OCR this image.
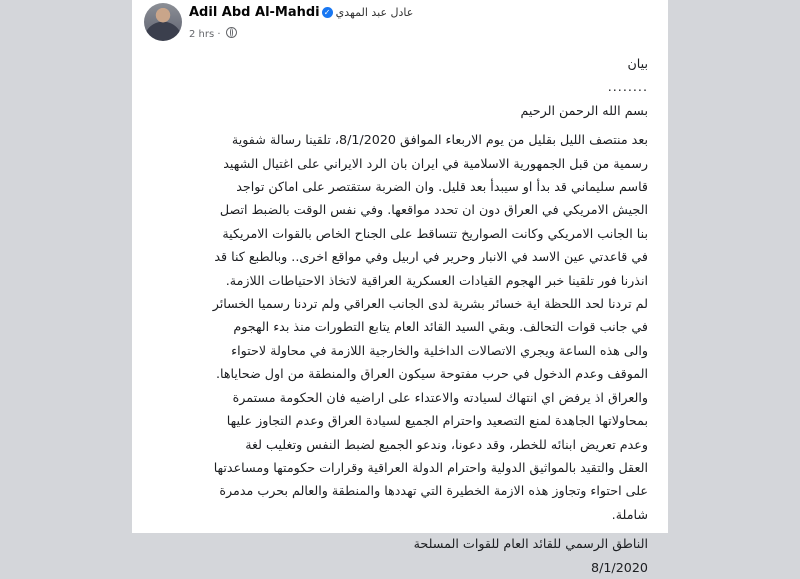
Adil Abd Al-Mahdi ✓ عادل عبد المهدي
2 hrs ·

بيان

........

بسم الله الرحمن الرحيم

بعد منتصف الليل بقليل من يوم الاربعاء الموافق 8/1/2020، تلقينا رسالة شفوية

رسمية من قبل الجمهورية الاسلامية في ايران بان الرد الايراني على اغتيال الشهيد

قاسم سليماني قد بدأ او سيبدأ بعد قليل. وان الضربة ستقتصر على اماكن تواجد

الجيش الامريكي في العراق دون ان تحدد مواقعها. وفي نفس الوقت بالضبط اتصل

بنا الجانب الامريكي وكانت الصواريخ تتساقط على الجناح الخاص بالقوات الامريكية

في قاعدتي عين الاسد في الانبار وحرير في اربيل وفي مواقع اخرى.. وبالطبع كنا قد

انذرنا فور تلقينا خبر الهجوم القيادات العسكرية العراقية لاتخاذ الاحتياطات اللازمة.

لم تردنا لحد اللحظة اية خسائر بشرية لدى الجانب العراقي ولم تردنا رسميا الخسائر

في جانب قوات التحالف. وبقي السيد القائد العام يتابع التطورات منذ بدء الهجوم

والى هذه الساعة ويجري الاتصالات الداخلية والخارجية اللازمة في محاولة لاحتواء

الموقف وعدم الدخول في حرب مفتوحة سيكون العراق والمنطقة من اول ضحاياها.

والعراق اذ يرفض اي انتهاك لسيادته والاعتداء على اراضيه فان الحكومة مستمرة

بمحاولاتها الجاهدة لمنع التصعيد واحترام الجميع لسيادة العراق وعدم التجاوز عليها

وعدم تعريض ابنائه للخطر، وقد دعونا، وندعو الجميع لضبط النفس وتغليب لغة

العقل والتقيد بالمواثيق الدولية واحترام الدولة العراقية وقرارات حكومتها ومساعدتها

على احتواء وتجاوز هذه الازمة الخطيرة التي تهددها والمنطقة والعالم بحرب مدمرة

شاملة.

الناطق الرسمي للقائد العام للقوات المسلحة

8/1/2020
